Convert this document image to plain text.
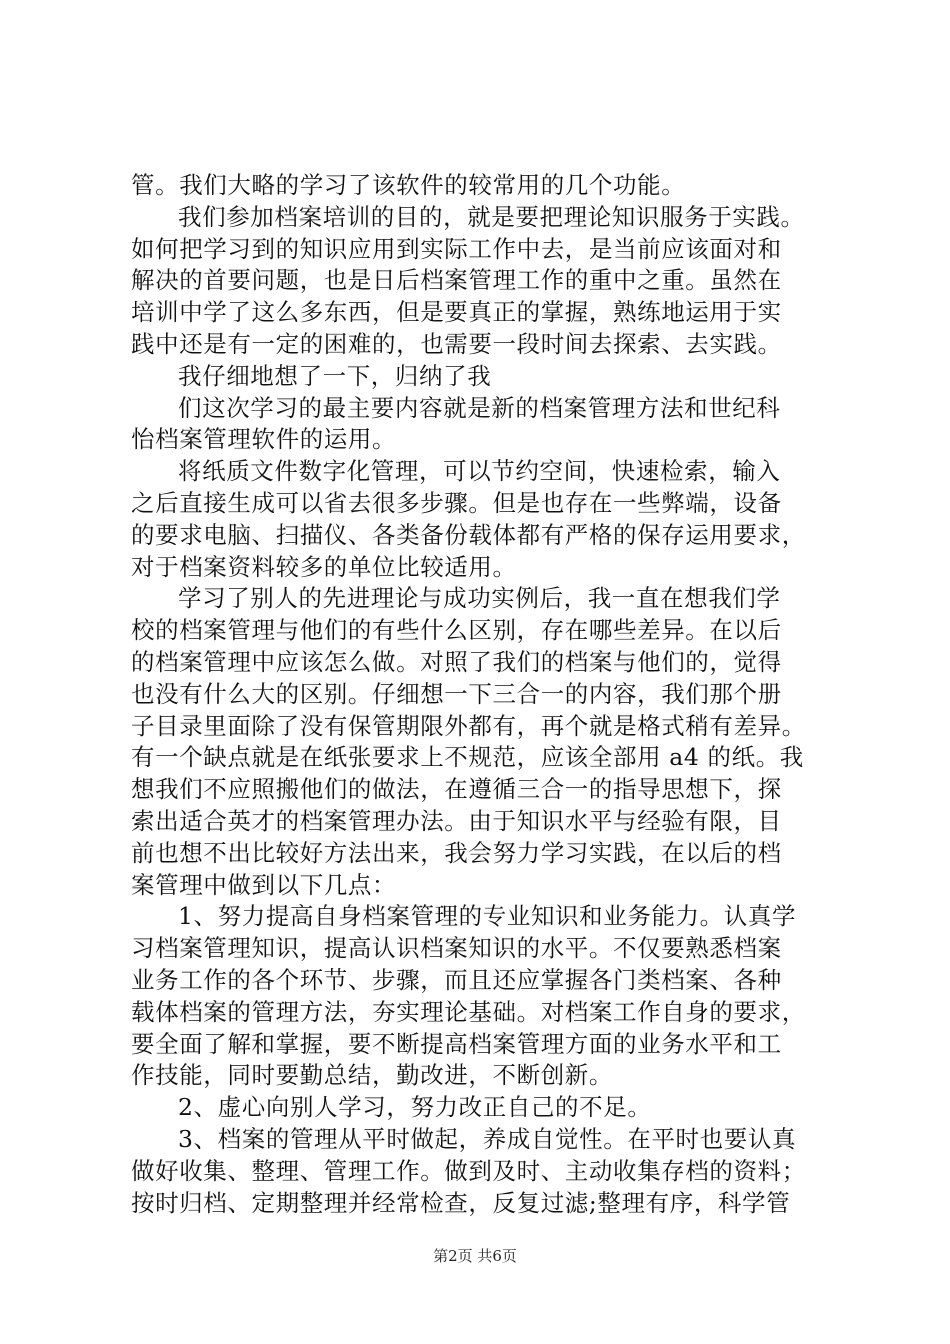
管。我们大略的学习了该软件的较常用的几个功能。
我们参加档案培训的目的，就是要把理论知识服务于实践。
如何把学习到的知识应用到实际工作中去，是当前应该面对和
解决的首要问题，也是日后档案管理工作的重中之重。虽然在
培训中学了这么多东西，但是要真正的掌握，熟练地运用于实
践中还是有一定的困难的，也需要一段时间去探索、去实践。
我仔细地想了一下，归纳了我
们这次学习的最主要内容就是新的档案管理方法和世纪科
怡档案管理软件的运用。
将纸质文件数字化管理，可以节约空间，快速检索，输入
之后直接生成可以省去很多步骤。但是也存在一些弊端，设备
的要求电脑、扫描仪、各类备份载体都有严格的保存运用要求，
对于档案资料较多的单位比较适用。
学习了别人的先进理论与成功实例后，我一直在想我们学
校的档案管理与他们的有些什么区别，存在哪些差异。在以后
的档案管理中应该怎么做。对照了我们的档案与他们的，觉得
也没有什么大的区别。仔细想一下三合一的内容，我们那个册
子目录里面除了没有保管期限外都有，再个就是格式稍有差异。
有一个缺点就是在纸张要求上不规范，应该全部用 a4 的纸。我
想我们不应照搬他们的做法，在遵循三合一的指导思想下，探
索出适合英才的档案管理办法。由于知识水平与经验有限，目
前也想不出比较好方法出来，我会努力学习实践，在以后的档
案管理中做到以下几点：
1、努力提高自身档案管理的专业知识和业务能力。认真学
习档案管理知识，提高认识档案知识的水平。不仅要熟悉档案
业务工作的各个环节、步骤，而且还应掌握各门类档案、各种
载体档案的管理方法，夯实理论基础。对档案工作自身的要求，
要全面了解和掌握，要不断提高档案管理方面的业务水平和工
作技能，同时要勤总结，勤改进，不断创新。
2、虚心向别人学习，努力改正自己的不足。
3、档案的管理从平时做起，养成自觉性。在平时也要认真
做好收集、整理、管理工作。做到及时、主动收集存档的资料；
按时归档、定期整理并经常检查，反复过滤;整理有序，科学管
第2页 共6页
